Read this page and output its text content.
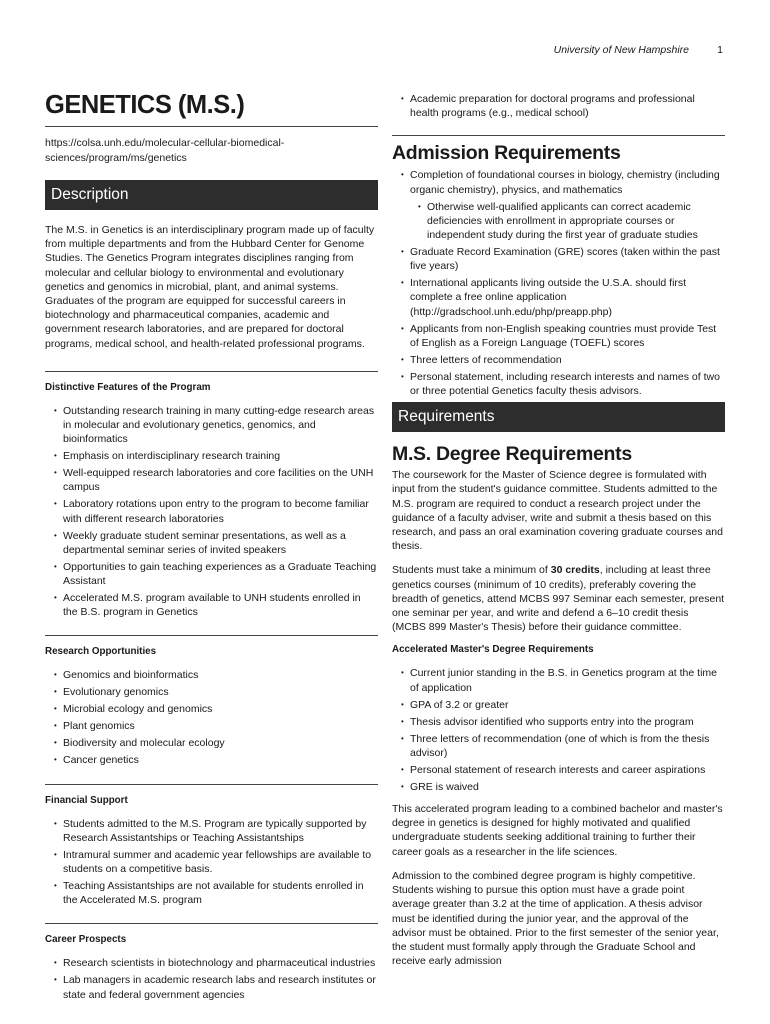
University of New Hampshire	1
GENETICS (M.S.)

https://colsa.unh.edu/molecular-cellular-biomedical-sciences/program/ms/genetics

Description

The M.S. in Genetics is an interdisciplinary program made up of faculty from multiple departments and from the Hubbard Center for Genome Studies. The Genetics Program integrates disciplines ranging from molecular and cellular biology to environmental and evolutionary genetics and genomics in microbial, plant, and animal systems. Graduates of the program are equipped for successful careers in biotechnology and pharmaceutical companies, academic and government research laboratories, and are prepared for doctoral programs, medical school, and health-related professional programs.

Distinctive Features of the Program
• Outstanding research training in many cutting-edge research areas in molecular and evolutionary genetics, genomics, and bioinformatics
• Emphasis on interdisciplinary research training
• Well-equipped research laboratories and core facilities on the UNH campus
• Laboratory rotations upon entry to the program to become familiar with different research laboratories
• Weekly graduate student seminar presentations, as well as a departmental seminar series of invited speakers
• Opportunities to gain teaching experiences as a Graduate Teaching Assistant
• Accelerated M.S. program available to UNH students enrolled in the B.S. program in Genetics
Research Opportunities
• Genomics and bioinformatics
• Evolutionary genomics
• Microbial ecology and genomics
• Plant genomics
• Biodiversity and molecular ecology
• Cancer genetics
Financial Support
• Students admitted to the M.S. Program are typically supported by Research Assistantships or Teaching Assistantships
• Intramural summer and academic year fellowships are available to students on a competitive basis.
• Teaching Assistantships are not available for students enrolled in the Accelerated M.S. program
Career Prospects
• Research scientists in biotechnology and pharmaceutical industries
• Lab managers in academic research labs and research institutes or state and federal government agencies
• Academic preparation for doctoral programs and professional health programs (e.g., medical school)
Admission Requirements
• Completion of foundational courses in biology, chemistry (including organic chemistry), physics, and mathematics
• Otherwise well-qualified applicants can correct academic deficiencies with enrollment in appropriate courses or independent study during the first year of graduate studies
• Graduate Record Examination (GRE) scores (taken within the past five years)
• International applicants living outside the U.S.A. should first complete a free online application (http://gradschool.unh.edu/php/preapp.php)
• Applicants from non-English speaking countries must provide Test of English as a Foreign Language (TOEFL) scores
• Three letters of recommendation
• Personal statement, including research interests and names of two or three potential Genetics faculty thesis advisors.
Requirements
M.S. Degree Requirements

The coursework for the Master of Science degree is formulated with input from the student's guidance committee. Students admitted to the M.S. program are required to conduct a research project under the guidance of a faculty adviser, write and submit a thesis based on this research, and pass an oral examination covering graduate courses and thesis.

Students must take a minimum of 30 credits, including at least three genetics courses (minimum of 10 credits), preferably covering the breadth of genetics, attend MCBS 997 Seminar each semester, present one seminar per year, and write and defend a 6–10 credit thesis (MCBS 899 Master's Thesis) before their guidance committee.

Accelerated Master's Degree Requirements
• Current junior standing in the B.S. in Genetics program at the time of application
• GPA of 3.2 or greater
• Thesis advisor identified who supports entry into the program
• Three letters of recommendation (one of which is from the thesis advisor)
• Personal statement of research interests and career aspirations
• GRE is waived

This accelerated program leading to a combined bachelor and master's degree in genetics is designed for highly motivated and qualified undergraduate students seeking additional training to further their career goals as a researcher in the life sciences.

Admission to the combined degree program is highly competitive. Students wishing to pursue this option must have a grade point average greater than 3.2 at the time of application. A thesis advisor must be identified during the junior year, and the approval of the advisor must be obtained. Prior to the first semester of the senior year, the student must formally apply through the Graduate School and receive early admission
